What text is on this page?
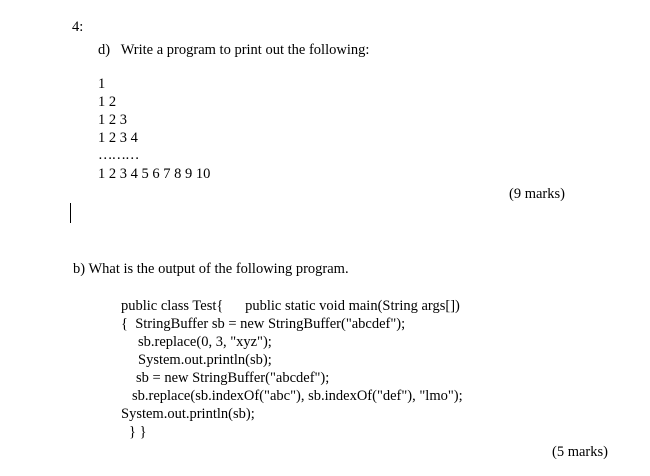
4:
d)   Write a program to print out the following:
1
1 2
1 2 3
1 2 3 4
………
1 2 3 4 5 6 7 8 9 10
(9 marks)
b) What is the output of the following program.
public class Test{      public static void main(String args[])
{  StringBuffer sb = new StringBuffer("abcdef");
sb.replace(0, 3, "xyz");
System.out.println(sb);
sb = new StringBuffer("abcdef");
sb.replace(sb.indexOf("abc"), sb.indexOf("def"), "lmo");
System.out.println(sb);
} }
(5 marks)
